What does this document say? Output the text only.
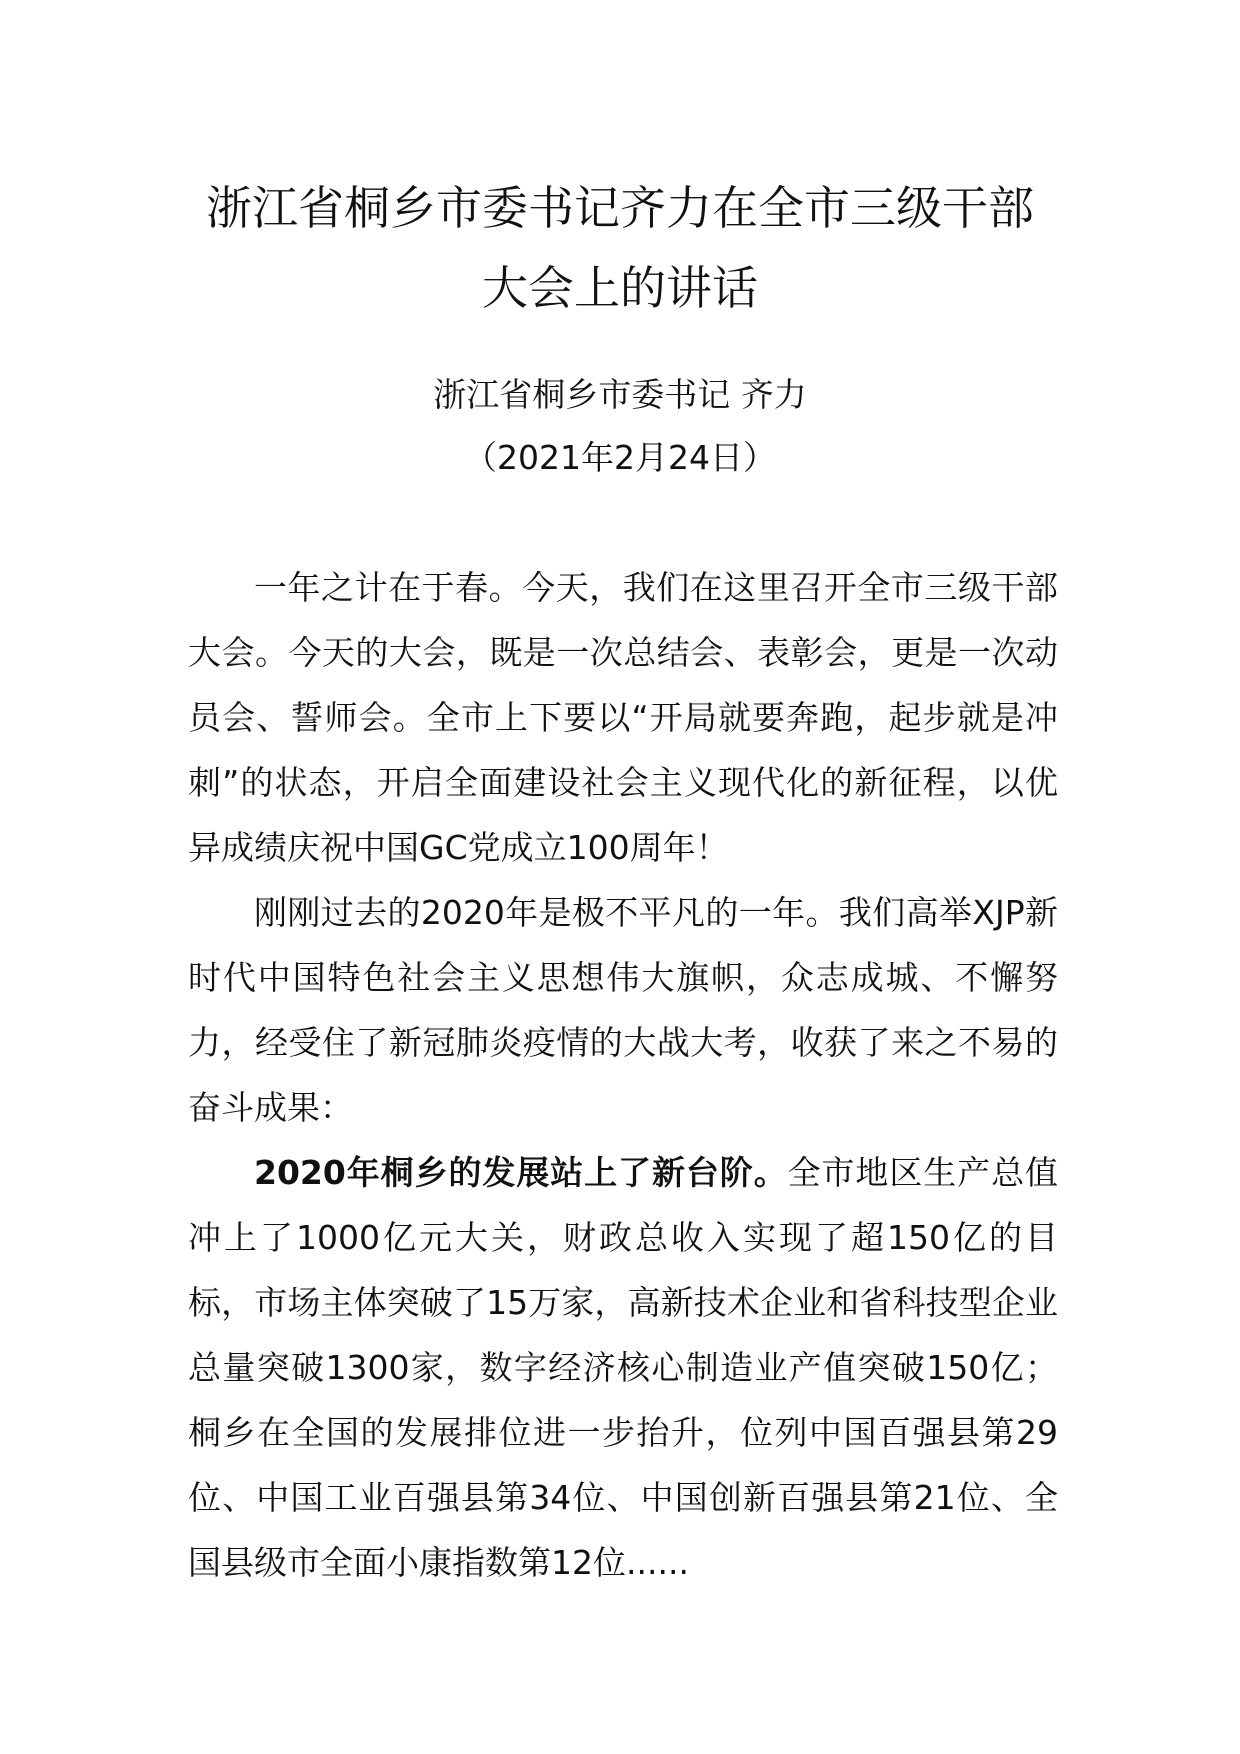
浙江省桐乡市委书记齐力在全市三级干部
大会上的讲话
浙江省桐乡市委书记 齐力
（2021年2月24日）

一年之计在于春。今天，我们在这里召开全市三级干部大会。今天的大会，既是一次总结会、表彰会，更是一次动员会、誓师会。全市上下要以“开局就要奔跑，起步就是冲刺”的状态，开启全面建设社会主义现代化的新征程，以优异成绩庆祝中国GC党成立100周年！

刚刚过去的2020年是极不平凡的一年。我们高举XJP新时代中国特色社会主义思想伟大旗帜，众志成城、不懈努力，经受住了新冠肺炎疫情的大战大考，收获了来之不易的奋斗成果：

2020年桐乡的发展站上了新台阶。全市地区生产总值冲上了1000亿元大关，财政总收入实现了超150亿的目标，市场主体突破了15万家，高新技术企业和省科技型企业总量突破1300家，数字经济核心制造业产值突破150亿；桐乡在全国的发展排位进一步抬升，位列中国百强县第29位、中国工业百强县第34位、中国创新百强县第21位、全国县级市全面小康指数第12位......
